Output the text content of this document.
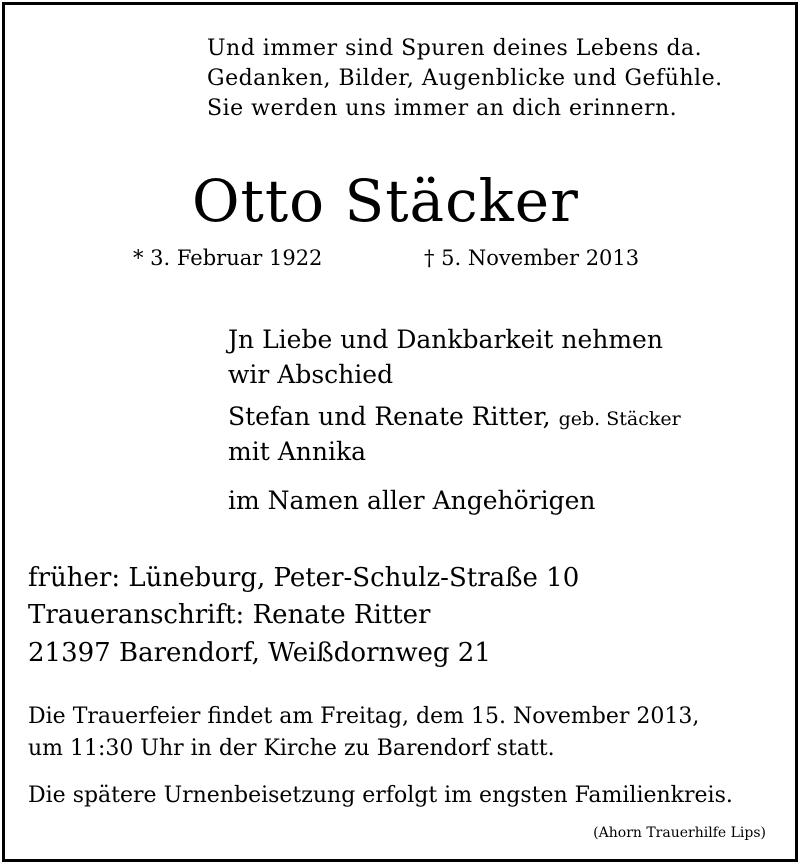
Und immer sind Spuren deines Lebens da.
Gedanken, Bilder, Augenblicke und Gefühle.
Sie werden uns immer an dich erinnern.
Otto Stäcker
* 3. Februar 1922	† 5. November 2013
Jn Liebe und Dankbarkeit nehmen
wir Abschied
Stefan und Renate Ritter, geb. Stäcker
mit Annika
im Namen aller Angehörigen
früher: Lüneburg, Peter-Schulz-Straße 10
Traueranschrift: Renate Ritter
21397 Barendorf, Weißdornweg 21
Die Trauerfeier findet am Freitag, dem 15. November 2013,
um 11:30 Uhr in der Kirche zu Barendorf statt.
Die spätere Urnenbeisetzung erfolgt im engsten Familienkreis.
(Ahorn Trauerhilfe Lips)
